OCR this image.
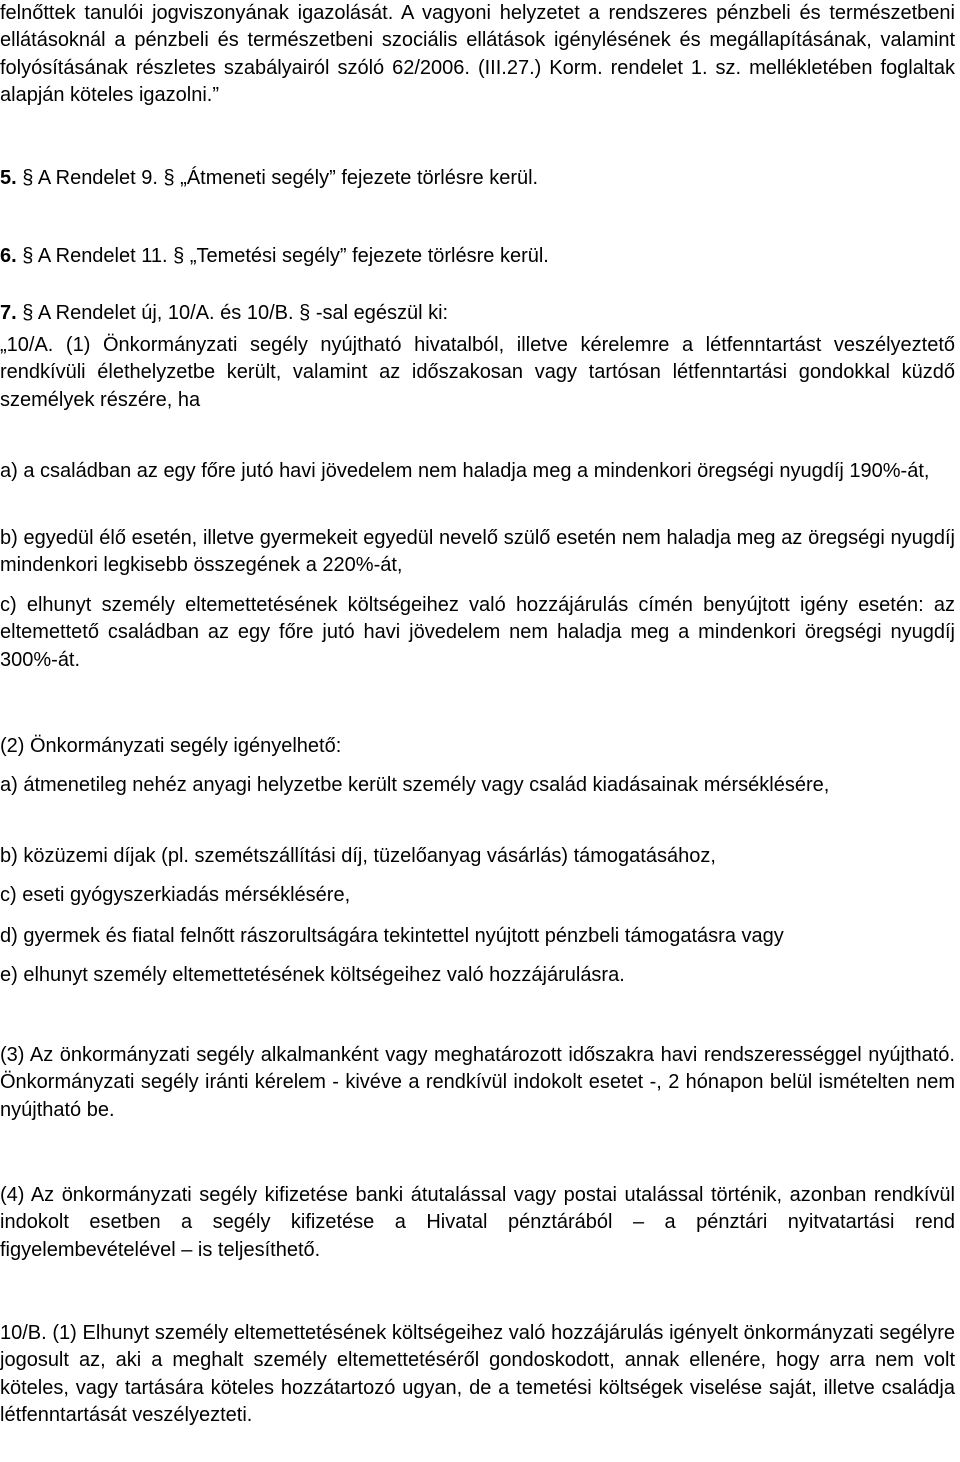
felnőttek tanulói jogviszonyának igazolását. A vagyoni helyzetet a rendszeres pénzbeli és természetbeni ellátásoknál a pénzbeli és természetbeni szociális ellátások igénylésének és megállapításának, valamint folyósításának részletes szabályairól szóló 62/2006. (III.27.) Korm. rendelet 1. sz. mellékletében foglaltak alapján köteles igazolni.”

5. § A Rendelet 9. § „Átmeneti segély” fejezete törlésre kerül.

6. § A Rendelet 11. § „Temetési segély” fejezete törlésre kerül.

7. § A Rendelet új, 10/A. és 10/B. § -sal egészül ki:

„10/A. (1) Önkormányzati segély nyújtható hivatalból, illetve kérelemre a létfenntartást veszélyeztető rendkívüli élethelyzetbe került, valamint az időszakosan vagy tartósan létfenntartási gondokkal küzdő személyek részére, ha

a) a családban az egy főre jutó havi jövedelem nem haladja meg a mindenkori öregségi nyugdíj 190%-át,

b) egyedül élő esetén, illetve gyermekeit egyedül nevelő szülő esetén nem haladja meg az öregségi nyugdíj mindenkori legkisebb összegének a 220%-át,

c) elhunyt személy eltemettetésének költségeihez való hozzájárulás címén benyújtott igény esetén: az eltemettető családban az egy főre jutó havi jövedelem nem haladja meg a mindenkori öregségi nyugdíj 300%-át.

(2) Önkormányzati segély igényelhető:

a) átmenetileg nehéz anyagi helyzetbe került személy vagy család kiadásainak mérséklésére,

b) közüzemi díjak (pl. szemétszállítási díj, tüzelőanyag vásárlás) támogatásához,

c) eseti gyógyszerkiadás mérséklésére,

d) gyermek és fiatal felnőtt rászorultságára tekintettel nyújtott pénzbeli támogatásra vagy

e) elhunyt személy eltemettetésének költségeihez való hozzájárulásra.

(3) Az önkormányzati segély alkalmanként vagy meghatározott időszakra havi rendszerességgel nyújtható. Önkormányzati segély iránti kérelem - kivéve a rendkívül indokolt esetet -, 2 hónapon belül ismételten nem nyújtható be.

(4) Az önkormányzati segély kifizetése banki átutalással vagy postai utalással történik, azonban rendkívül indokolt esetben a segély kifizetése a Hivatal pénztárából – a pénztári nyitvatartási rend figyelembevételével – is teljesíthető.

10/B. (1) Elhunyt személy eltemettetésének költségeihez való hozzájárulás igényelt önkormányzati segélyre jogosult az, aki a meghalt személy eltemettetéséről gondoskodott, annak ellenére, hogy arra nem volt köteles, vagy tartására köteles hozzátartozó ugyan, de a temetési költségek viselése saját, illetve családja létfenntartását veszélyezteti.
